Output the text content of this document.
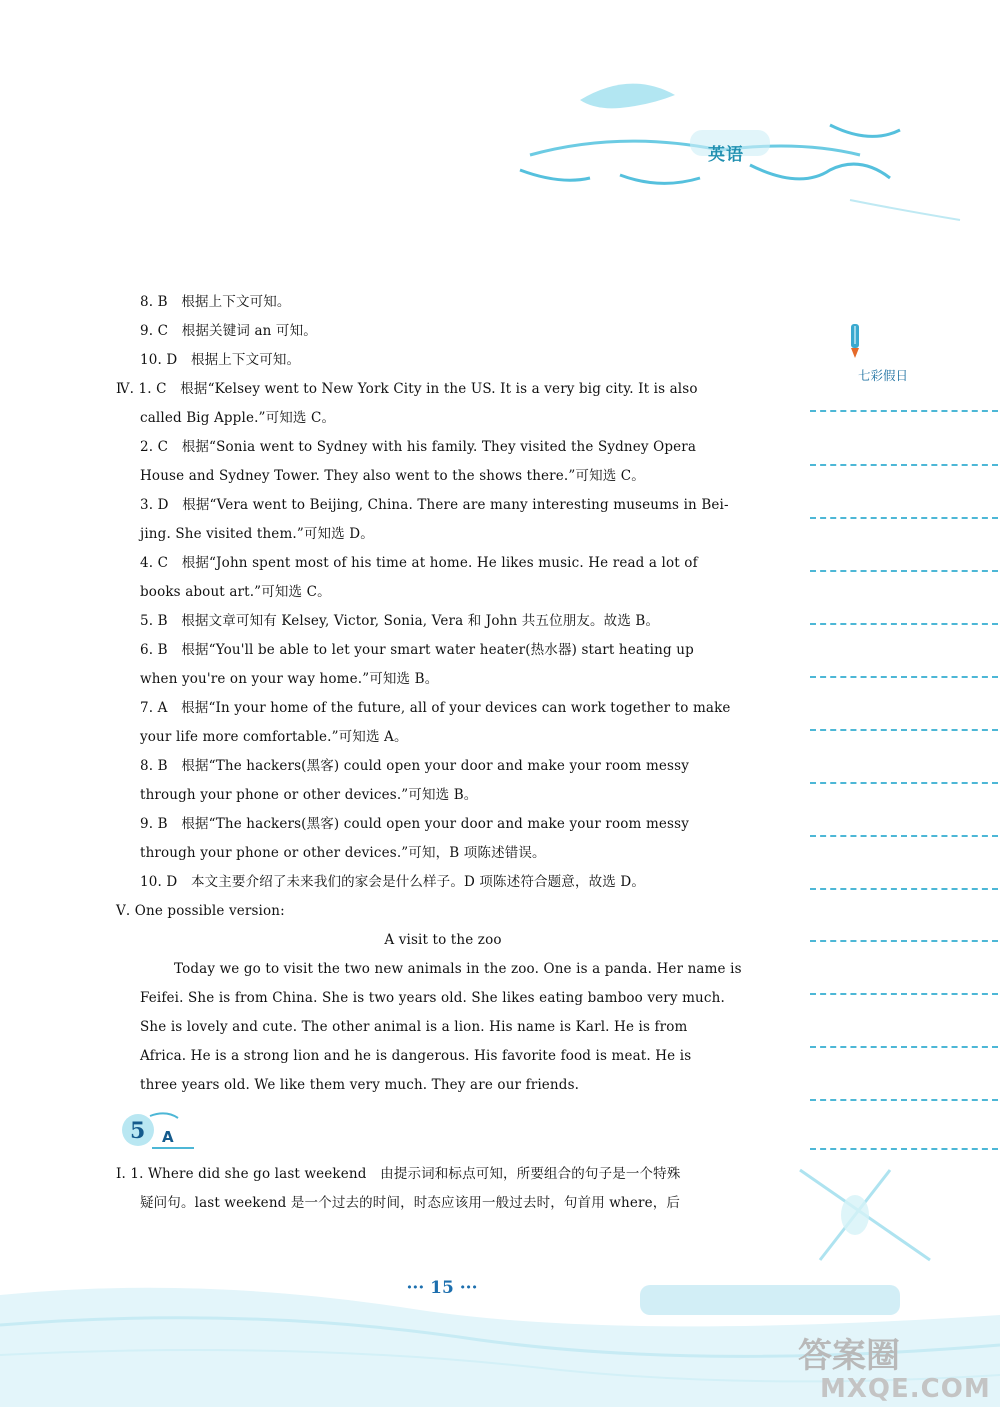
英语
8. B　根据上下文可知。
9. C　根据关键词 an 可知。
10. D　根据上下文可知。
Ⅳ. 1. C　根据“Kelsey went to New York City in the US. It is a very big city. It is also
called Big Apple.”可知选 C。
2. C　根据“Sonia went to Sydney with his family. They visited the Sydney Opera
House and Sydney Tower. They also went to the shows there.”可知选 C。
3. D　根据“Vera went to Beijing, China. There are many interesting museums in Bei-
jing. She visited them.”可知选 D。
4. C　根据“John spent most of his time at home. He likes music. He read a lot of
books about art.”可知选 C。
5. B　根据文章可知有 Kelsey, Victor, Sonia, Vera 和 John 共五位朋友。故选 B。
6. B　根据“You'll be able to let your smart water heater(热水器) start heating up
when you're on your way home.”可知选 B。
7. A　根据“In your home of the future, all of your devices can work together to make
your life more comfortable.”可知选 A。
8. B　根据“The hackers(黑客) could open your door and make your room messy
through your phone or other devices.”可知选 B。
9. B　根据“The hackers(黑客) could open your door and make your room messy
through your phone or other devices.”可知，B 项陈述错误。
10. D　本文主要介绍了未来我们的家会是什么样子。D 项陈述符合题意，故选 D。
Ⅴ. One possible version:
A visit to the zoo
Today we go to visit the two new animals in the zoo. One is a panda. Her name is
Feifei. She is from China. She is two years old. She likes eating bamboo very much.
She is lovely and cute. The other animal is a lion. His name is Karl. He is from
Africa. He is a strong lion and he is dangerous. His favorite food is meat. He is
three years old. We like them very much. They are our friends.
5 A
Ⅰ. 1. Where did she go last weekend　由提示词和标点可知，所要组合的句子是一个特殊
疑问句。last weekend 是一个过去的时间，时态应该用一般过去时，句首用 where，后
七彩假日
··· 15 ···
答案圈
MXQE.COM
